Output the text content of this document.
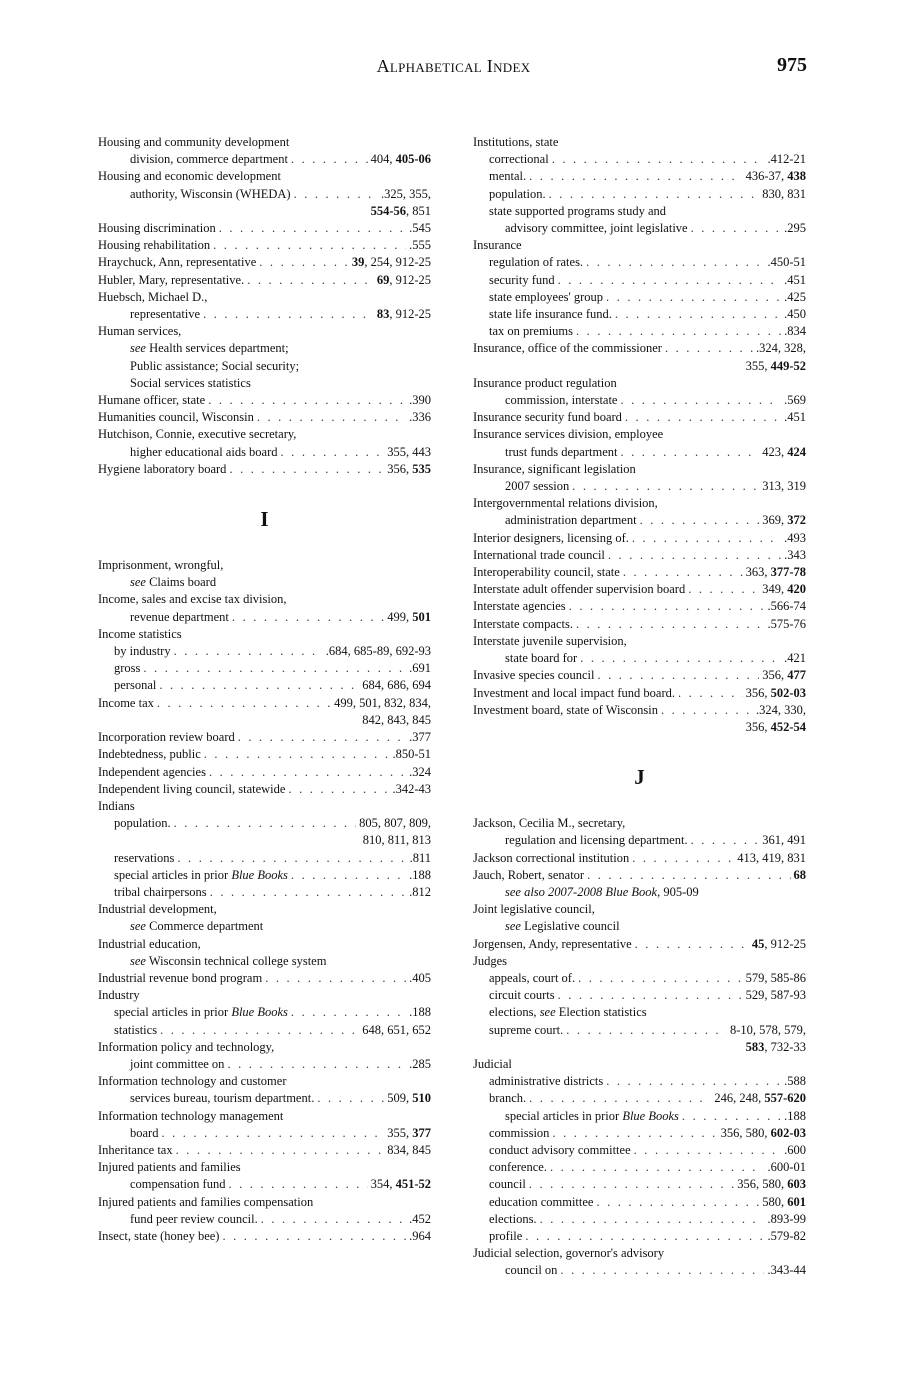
Alphabetical Index	975
Housing and community development
division, commerce department . . .	404, 405-06
Housing and economic development
authority, Wisconsin (WHEDA) . . .	.325, 355,
554-56, 851
Housing discrimination . . .	.545
Housing rehabilitation . . .	.555
Hraychuck, Ann, representative . . .	39, 254, 912-25
Hubler, Mary, representative. . . .	69, 912-25
Huebsch, Michael D.,
representative . . .	83, 912-25
Human services,
see Health services department;
Public assistance; Social security;
Social services statistics
Humane officer, state . . .	.390
Humanities council, Wisconsin . . .	.336
Hutchison, Connie, executive secretary,
higher educational aids board . . .	355, 443
Hygiene laboratory board . . .	356, 535
I
Imprisonment, wrongful,
see Claims board
Income, sales and excise tax division,
revenue department . . .	499, 501
Income statistics
by industry . . .	.684, 685-89, 692-93
gross . . .	.691
personal . . .	684, 686, 694
Income tax . . .	499, 501, 832, 834,
842, 843, 845
Incorporation review board . . .	.377
Indebtedness, public . . .	.850-51
Independent agencies . . .	.324
Independent living council, statewide . . .	.342-43
Indians
population. . . .	805, 807, 809,
810, 811, 813
reservations . . .	.811
special articles in prior Blue Books . . .	.188
tribal chairpersons . . .	.812
Industrial development,
see Commerce department
Industrial education,
see Wisconsin technical college system
Industrial revenue bond program . . .	.405
Industry
special articles in prior Blue Books . . .	.188
statistics . . .	648, 651, 652
Information policy and technology,
joint committee on . . .	.285
Information technology and customer
services bureau, tourism department. . . .	509, 510
Information technology management
board . . .	355, 377
Inheritance tax . . .	834, 845
Injured patients and families
compensation fund . . .	354, 451-52
Injured patients and families compensation
fund peer review council. . . .	.452
Insect, state (honey bee) . . .	.964
Institutions, state
correctional . . .	.412-21
mental. . . .	436-37, 438
population. . . .	830, 831
state supported programs study and
advisory committee, joint legislative . . .	.295
Insurance
regulation of rates. . . .	.450-51
security fund . . .	.451
state employees' group . . .	.425
state life insurance fund. . . .	.450
tax on premiums . . .	.834
Insurance, office of the commissioner . . .	.324, 328,
355, 449-52
Insurance product regulation
commission, interstate . . .	.569
Insurance security fund board . . .	.451
Insurance services division, employee
trust funds department . . .	423, 424
Insurance, significant legislation
2007 session . . .	313, 319
Intergovernmental relations division,
administration department . . .	369, 372
Interior designers, licensing of. . . .	.493
International trade council . . .	.343
Interoperability council, state . . .	363, 377-78
Interstate adult offender supervision board . . .	349, 420
Interstate agencies . . .	.566-74
Interstate compacts. . . .	.575-76
Interstate juvenile supervision,
state board for . . .	.421
Invasive species council . . .	356, 477
Investment and local impact fund board. . . .	356, 502-03
Investment board, state of Wisconsin . . .	.324, 330,
356, 452-54
J
Jackson, Cecilia M., secretary,
regulation and licensing department. . . .	361, 491
Jackson correctional institution . . .	413, 419, 831
Jauch, Robert, senator . . .	68
see also 2007-2008 Blue Book, 905-09
Joint legislative council,
see Legislative council
Jorgensen, Andy, representative . . .	45, 912-25
Judges
appeals, court of. . . .	579, 585-86
circuit courts . . .	529, 587-93
elections, see Election statistics
supreme court. . . .	8-10, 578, 579,
583, 732-33
Judicial
administrative districts . . .	.588
branch. . . .	246, 248, 557-620
special articles in prior Blue Books . . .	.188
commission . . .	356, 580, 602-03
conduct advisory committee . . .	.600
conference. . . .	.600-01
council . . .	356, 580, 603
education committee . . .	580, 601
elections. . . .	.893-99
profile . . .	.579-82
Judicial selection, governor's advisory
council on . . .	.343-44
